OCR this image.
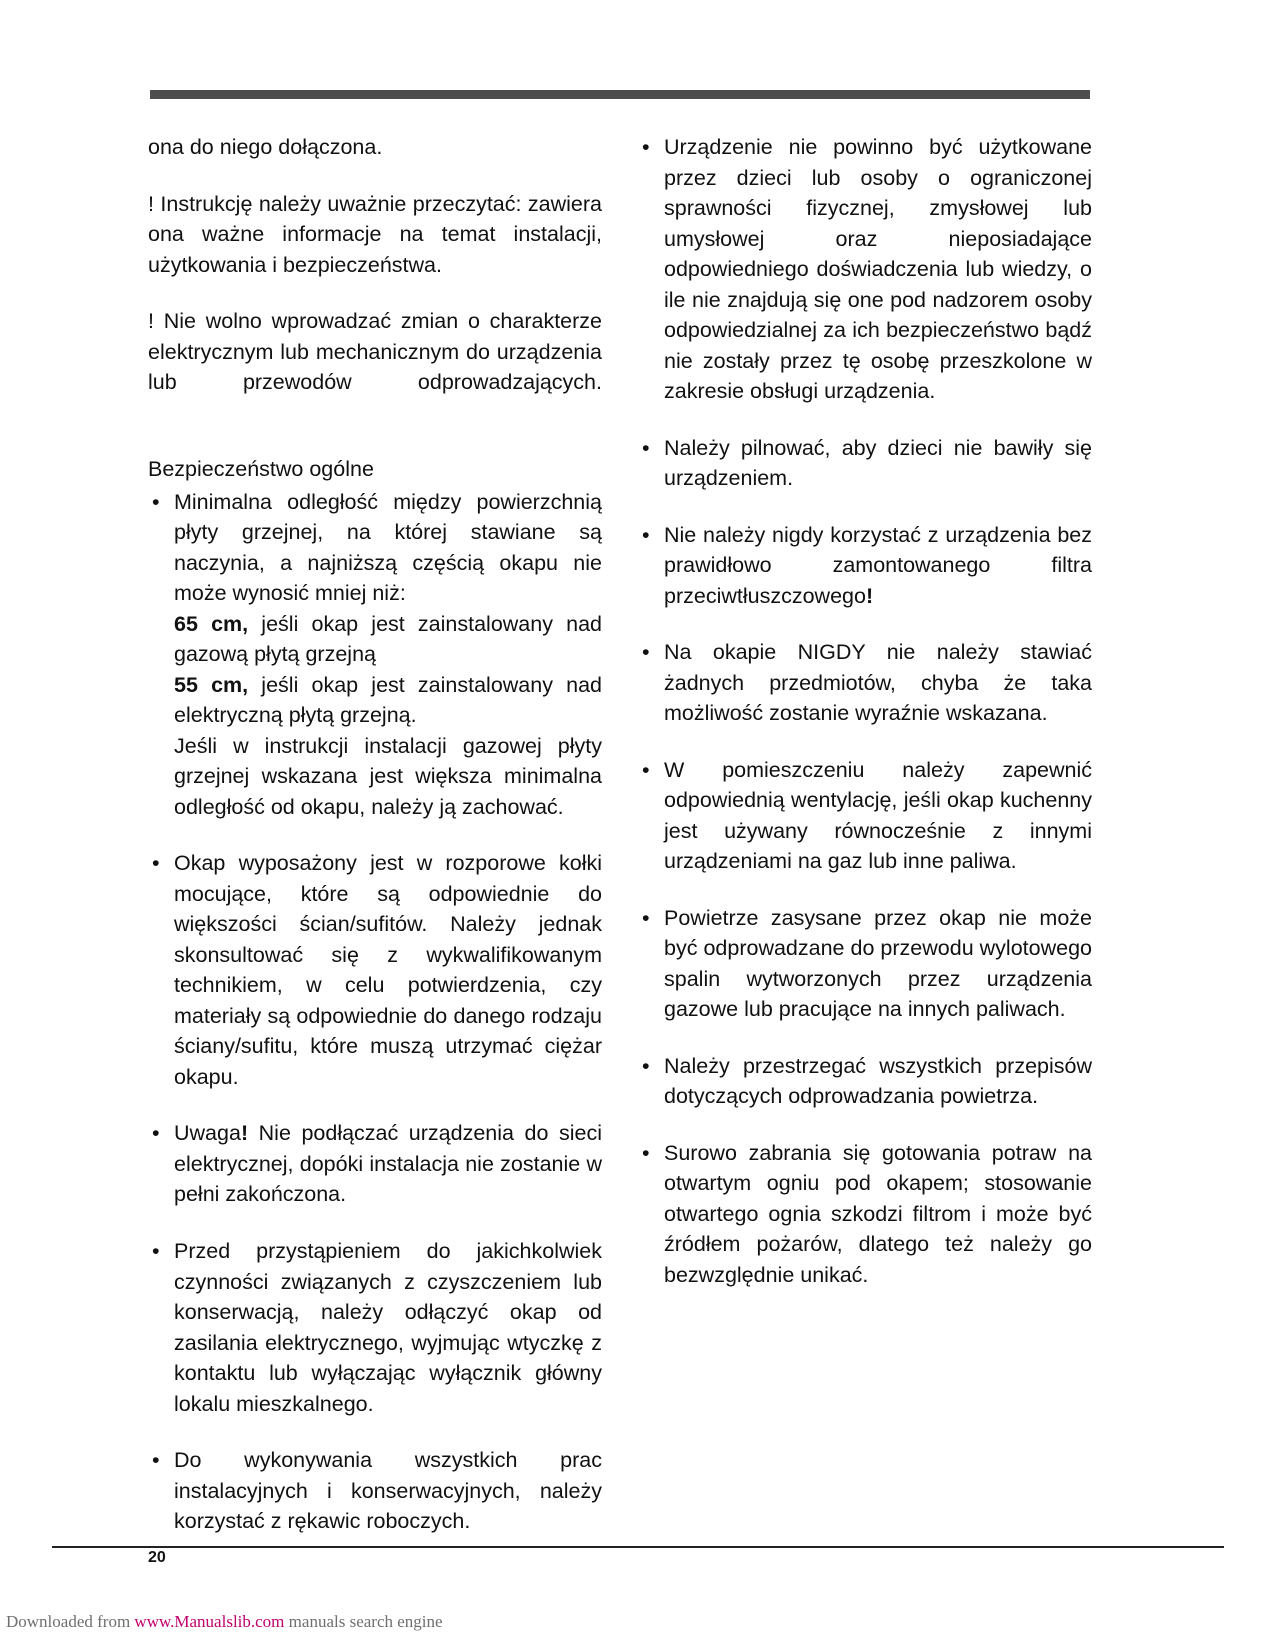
ona do niego dołączona.

! Instrukcję należy uważnie przeczytać: zawiera ona ważne informacje na temat instalacji, użytkowania i bezpieczeństwa.

! Nie wolno wprowadzać zmian o charakterze elektrycznym lub mechanicznym do urządzenia lub przewodów odprowadzających.

Bezpieczeństwo ogólne

• Minimalna odległość między powierzchnią płyty grzejnej, na której stawiane są naczynia, a najniższą częścią okapu nie może wynosić mniej niż:
65 cm, jeśli okap jest zainstalowany nad gazową płytą grzejną
55 cm, jeśli okap jest zainstalowany nad elektryczną płytą grzejną.
Jeśli w instrukcji instalacji gazowej płyty grzejnej wskazana jest większa minimalna odległość od okapu, należy ją zachować.
• Okap wyposażony jest w rozporowe kołki mocujące, które są odpowiednie do większości ścian/sufitów. Należy jednak skonsultować się z wykwalifikowanym technikiem, w celu potwierdzenia, czy materiały są odpowiednie do danego rodzaju ściany/sufitu, które muszą utrzymać ciężar okapu.
• Uwaga! Nie podłączać urządzenia do sieci elektrycznej, dopóki instalacja nie zostanie w pełni zakończona.
• Przed przystąpieniem do jakichkolwiek czynności związanych z czyszczeniem lub konserwacją, należy odłączyć okap od zasilania elektrycznego, wyjmując wtyczkę z kontaktu lub wyłączając wyłącznik główny lokalu mieszkalnego.
• Do wykonywania wszystkich prac instalacyjnych i konserwacyjnych, należy korzystać z rękawic roboczych.
• Urządzenie nie powinno być użytkowane przez dzieci lub osoby o ograniczonej sprawności fizycznej, zmysłowej lub umysłowej oraz nieposiadające odpowiedniego doświadczenia lub wiedzy, o ile nie znajdują się one pod nadzorem osoby odpowiedzialnej za ich bezpieczeństwo bądź nie zostały przez tę osobę przeszkolone w zakresie obsługi urządzenia.
• Należy pilnować, aby dzieci nie bawiły się urządzeniem.
• Nie należy nigdy korzystać z urządzenia bez prawidłowo zamontowanego filtra przeciwtłuszczowego!
• Na okapie NIGDY nie należy stawiać żadnych przedmiotów, chyba że taka możliwość zostanie wyraźnie wskazana.
• W pomieszczeniu należy zapewnić odpowiednią wentylację, jeśli okap kuchenny jest używany równocześnie z innymi urządzeniami na gaz lub inne paliwa.
• Powietrze zasysane przez okap nie może być odprowadzane do przewodu wylotowego spalin wytworzonych przez urządzenia gazowe lub pracujące na innych paliwach.
• Należy przestrzegać wszystkich przepisów dotyczących odprowadzania powietrza.
• Surowo zabrania się gotowania potraw na otwartym ogniu pod okapem; stosowanie otwartego ognia szkodzi filtrom i może być źródłem pożarów, dlatego też należy go bezwzględnie unikać.
20
Downloaded from www.Manualslib.com manuals search engine
